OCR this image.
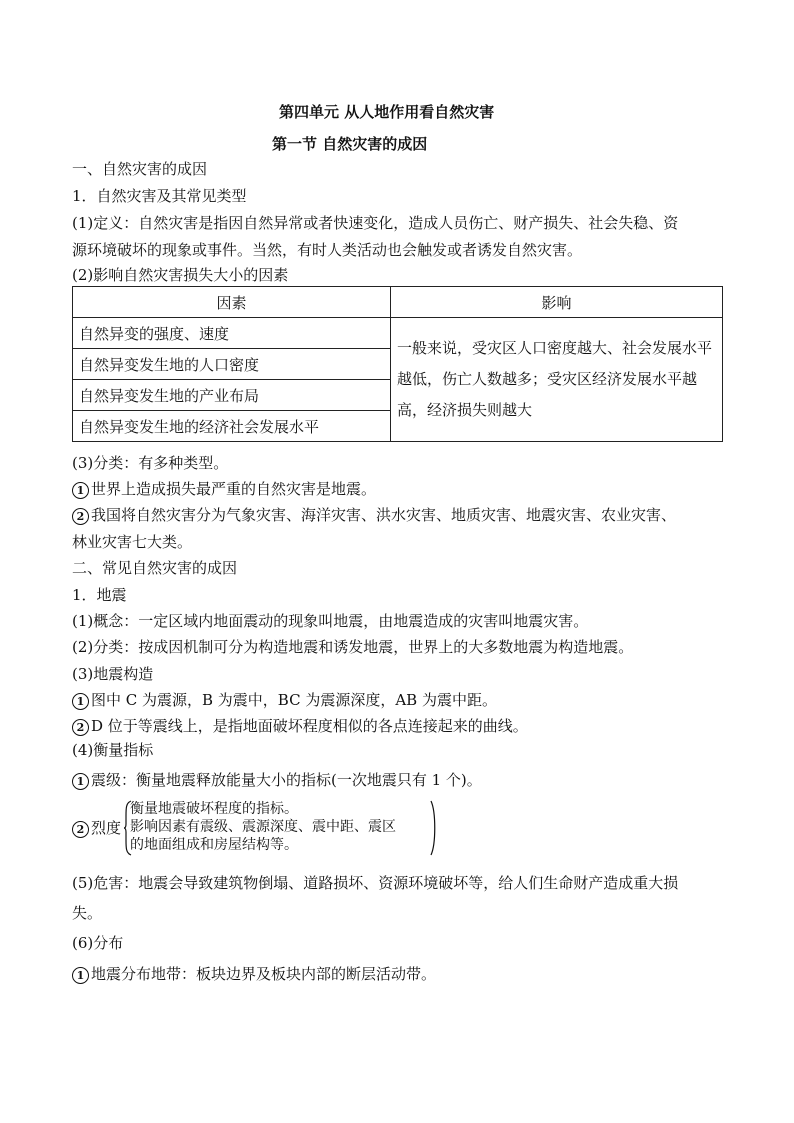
第四单元 从人地作用看自然灾害
第一节 自然灾害的成因
一、自然灾害的成因
1．自然灾害及其常见类型
(1)定义：自然灾害是指因自然异常或者快速变化，造成人员伤亡、财产损失、社会失稳、资
源环境破坏的现象或事件。当然，有时人类活动也会触发或者诱发自然灾害。
(2)影响自然灾害损失大小的因素
因素	影响
自然异变的强度、速度	一般来说，受灾区人口密度越大、社会发展水平越低，伤亡人数越多；受灾区经济发展水平越高，经济损失则越大
自然异变发生地的人口密度	
自然异变发生地的产业布局	
自然异变发生地的经济社会发展水平	
(3)分类：有多种类型。
1 世界上造成损失最严重的自然灾害是地震。
2 我国将自然灾害分为气象灾害、海洋灾害、洪水灾害、地质灾害、地震灾害、农业灾害、
林业灾害七大类。
二、常见自然灾害的成因
1．地震
(1)概念：一定区域内地面震动的现象叫地震，由地震造成的灾害叫地震灾害。
(2)分类：按成因机制可分为构造地震和诱发地震，世界上的大多数地震为构造地震。
(3)地震构造
1 图中 C 为震源，B 为震中，BC 为震源深度，AB 为震中距。
2 D 位于等震线上，是指地面破坏程度相似的各点连接起来的曲线。
(4)衡量指标
1 震级：衡量地震释放能量大小的指标(一次地震只有 1 个)。
2 烈度
衡量地震破坏程度的指标。
影响因素有震级、震源深度、震中距、震区
的地面组成和房屋结构等。
(5)危害：地震会导致建筑物倒塌、道路损坏、资源环境破坏等，给人们生命财产造成重大损
失。
(6)分布
1 地震分布地带：板块边界及板块内部的断层活动带。
